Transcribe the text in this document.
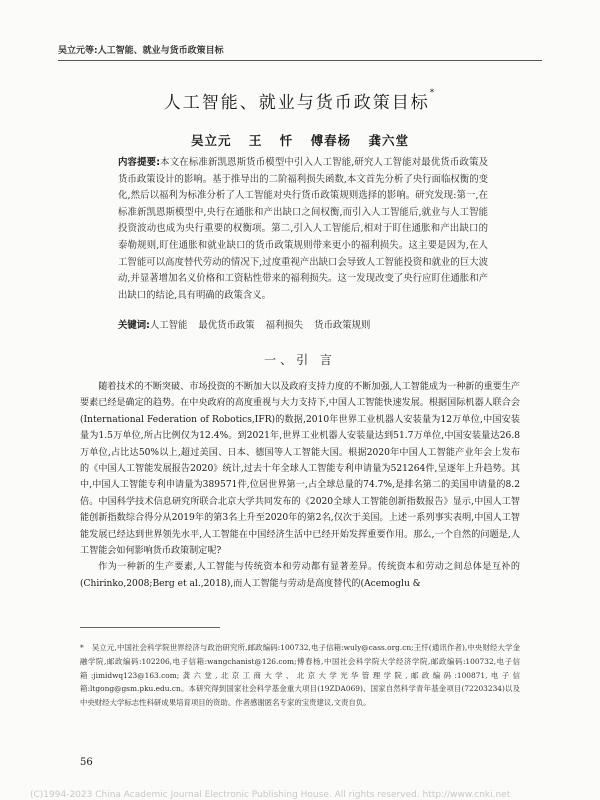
吴立元等:人工智能、就业与货币政策目标
人工智能、就业与货币政策目标*
吴立元 王 忏 傅春杨 龚六堂

内容提要:本文在标准新凯恩斯货币模型中引入人工智能,研究人工智能对最优货币政策及货币政策设计的影响。基于推导出的二阶福利损失函数,本文首先分析了央行面临权衡的变化,然后以福利为标准分析了人工智能对央行货币政策规则选择的影响。研究发现:第一,在标准新凯恩斯模型中,央行在通胀和产出缺口之间权衡,而引入人工智能后,就业与人工智能投资波动也成为央行重要的权衡项。第二,引入人工智能后,相对于盯住通胀和产出缺口的泰勒规则,盯住通胀和就业缺口的货币政策规则带来更小的福利损失。这主要是因为,在人工智能可以高度替代劳动的情况下,过度重视产出缺口会导致人工智能投资和就业的巨大波动,并显著增加名义价格和工资粘性带来的福利损失。这一发现改变了央行应盯住通胀和产出缺口的结论,具有明确的政策含义。

关键词:人工智能 最优货币政策 福利损失 货币政策规则
一、引 言

随着技术的不断突破、市场投资的不断加大以及政府支持力度的不断加强,人工智能成为一种新的重要生产要素已经是确定的趋势。在中央政府的高度重视与大力支持下,中国人工智能快速发展。根据国际机器人联合会(International Federation of Robotics,IFR)的数据,2010年世界工业机器人安装量为12万单位,中国安装量为1.5万单位,所占比例仅为12.4%。到2021年,世界工业机器人安装量达到51.7万单位,中国安装量达26.8万单位,占比达50%以上,超过美国、日本、德国等人工智能大国。根据2020年中国人工智能产业年会上发布的《中国人工智能发展报告2020》统计,过去十年全球人工智能专利申请量为521264件,呈逐年上升趋势。其中,中国人工智能专利申请量为389571件,位居世界第一,占全球总量的74.7%,是排名第二的美国申请量的8.2倍。中国科学技术信息研究所联合北京大学共同发布的《2020全球人工智能创新指数报告》显示,中国人工智能创新指数综合得分从2019年的第3名上升至2020年的第2名,仅次于美国。上述一系列事实表明,中国人工智能发展已经达到世界领先水平,人工智能在中国经济生活中已经开始发挥重要作用。那么,一个自然的问题是,人工智能会如何影响货币政策制定呢?

作为一种新的生产要素,人工智能与传统资本和劳动都有显著差异。传统资本和劳动之间总体是互补的(Chirinko,2008;Berg et al.,2018),而人工智能与劳动是高度替代的(Acemoglu &

* 吴立元,中国社会科学院世界经济与政治研究所,邮政编码:100732,电子信箱:wuly@cass.org.cn;王忏(通讯作者),中央财经大学金融学院,邮政编码:102206,电子信箱:wangchanist@126.com;傅春杨,中国社会科学院大学经济学院,邮政编码:100732,电子信箱:jimidwq123@163.com;龚六堂,北京工商大学、北京大学光华管理学院,邮政编码:100871,电子信箱:ltgong@gsm.pku.edu.cn。本研究得到国家社会科学基金重大项目(19ZDA069)、国家自然科学青年基金项目(72203234)以及中央财经大学标志性科研成果培育项目的资助。作者感谢匿名专家的宝贵建议,文责自负。

56
(C)1994-2023 China Academic Journal Electronic Publishing House. All rights reserved. http://www.cnki.net
